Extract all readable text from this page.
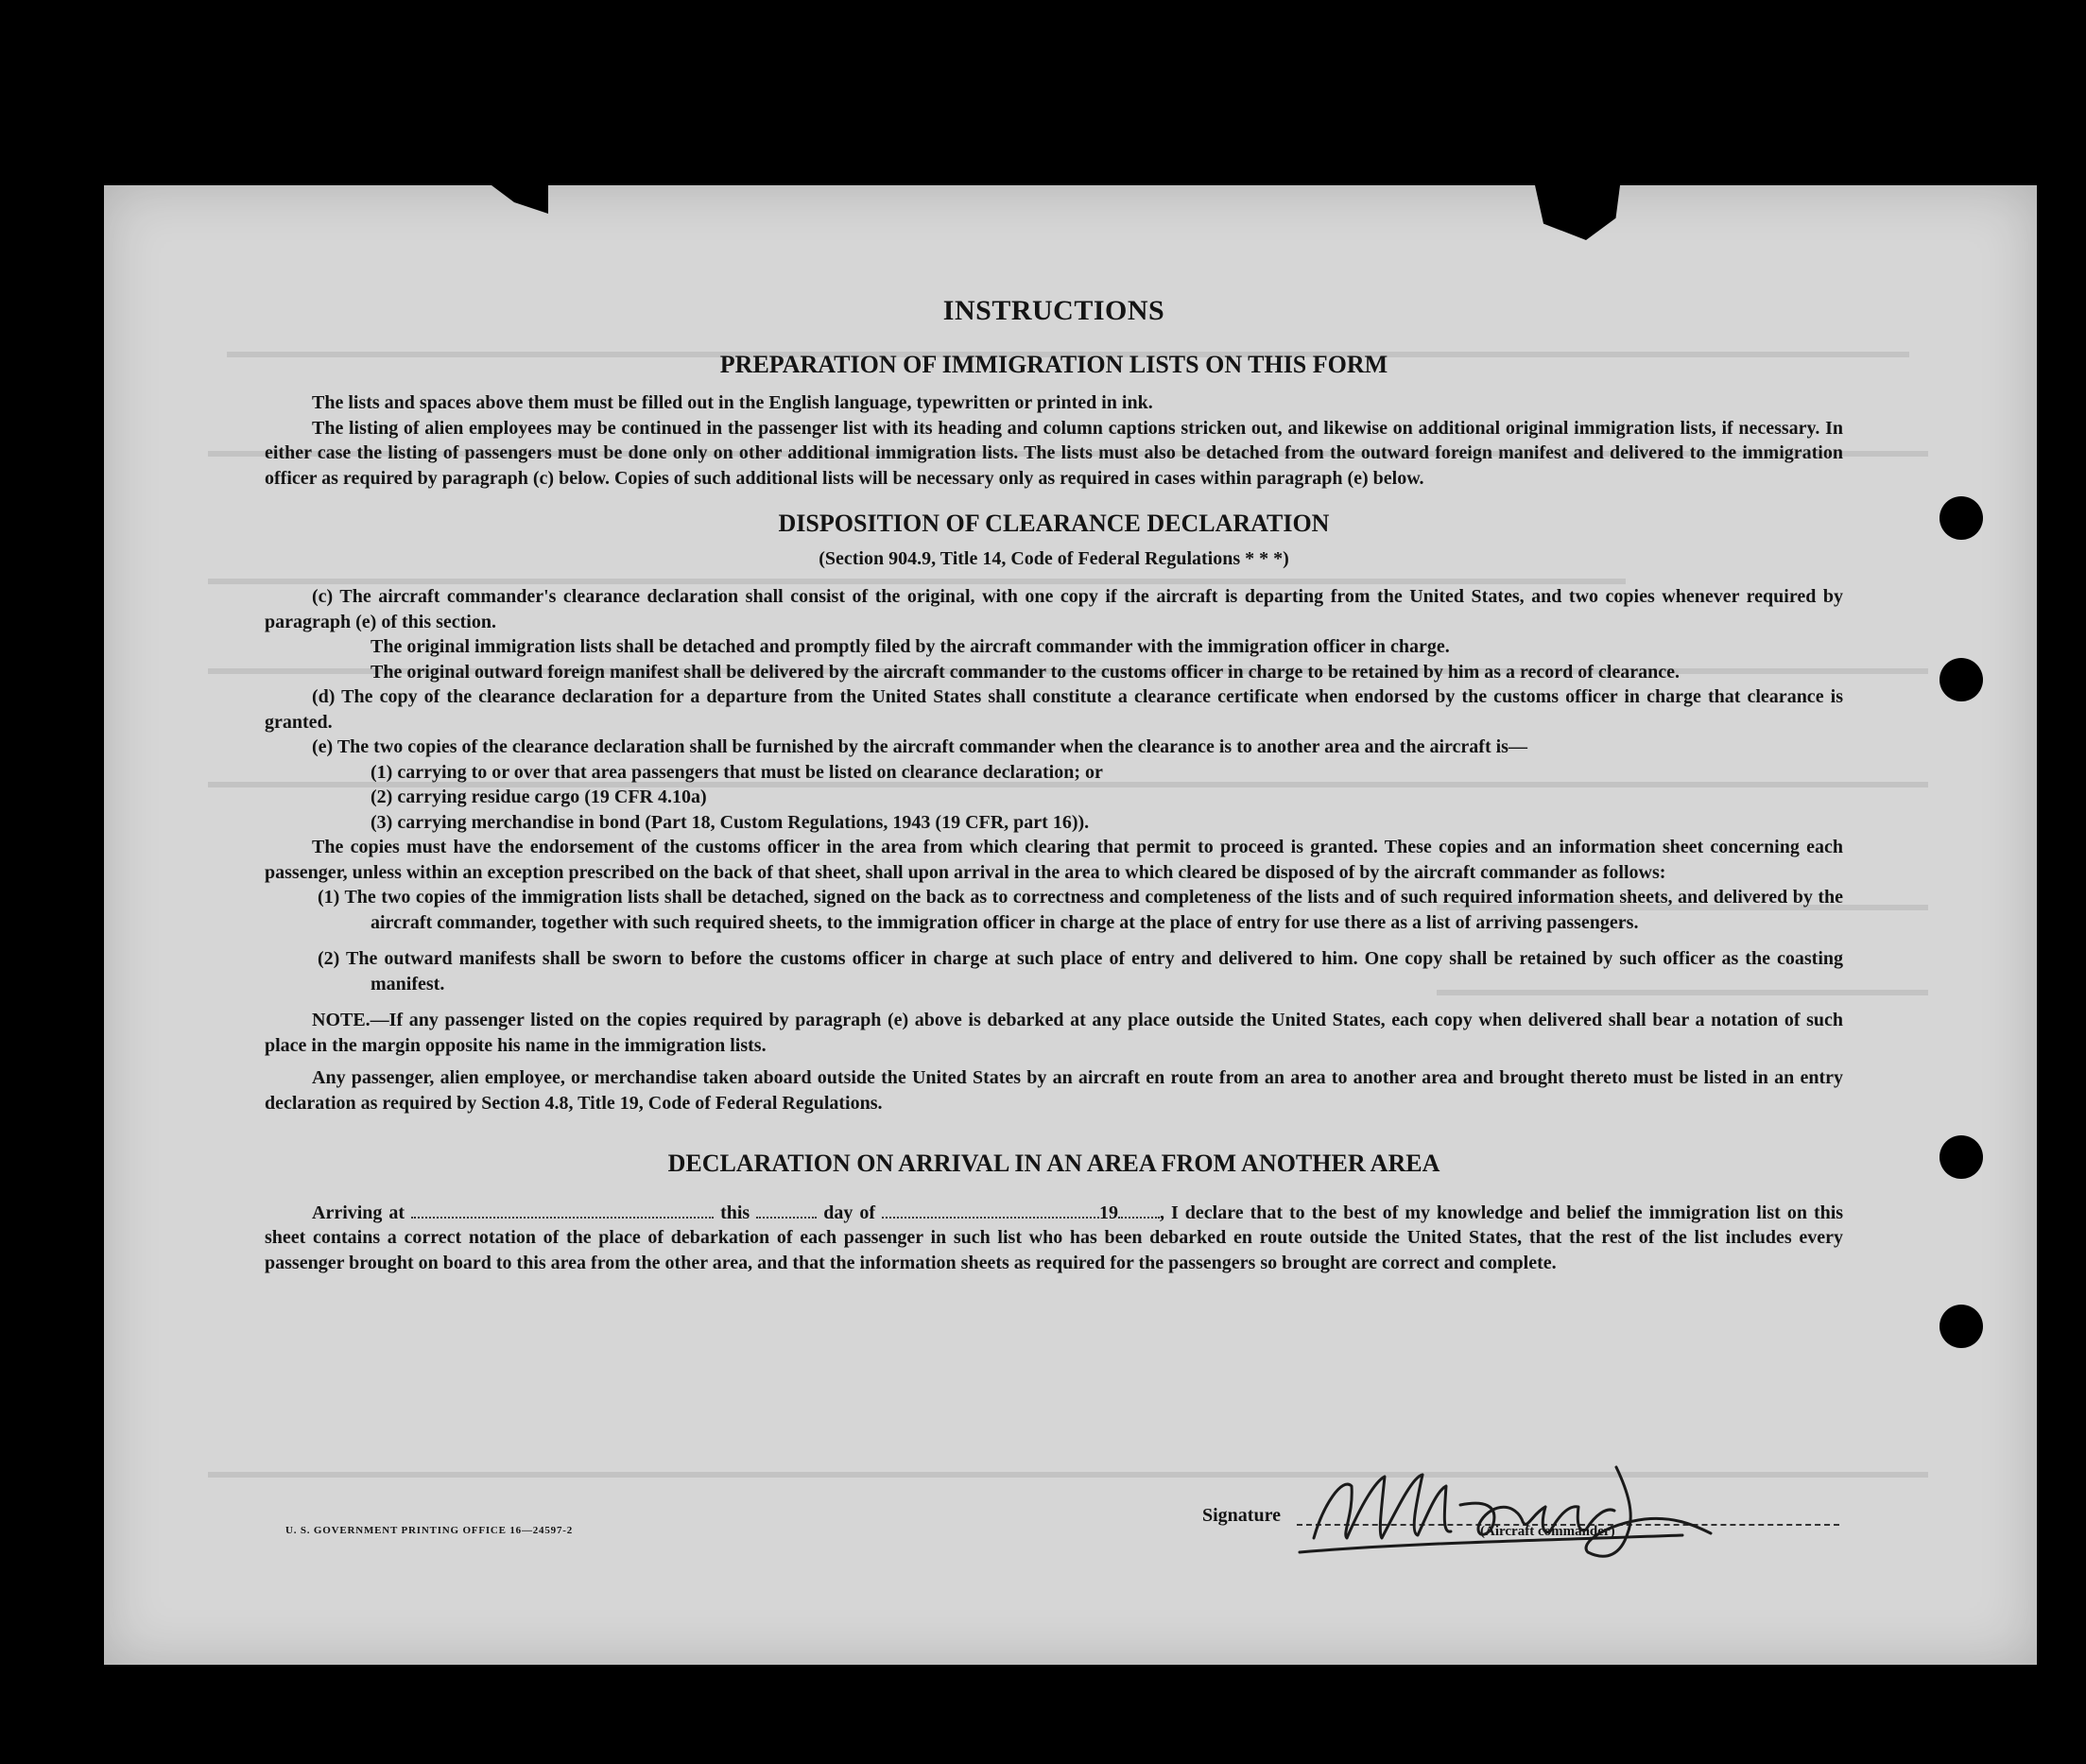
INSTRUCTIONS
PREPARATION OF IMMIGRATION LISTS ON THIS FORM

The lists and spaces above them must be filled out in the English language, typewritten or printed in ink.

The listing of alien employees may be continued in the passenger list with its heading and column captions stricken out, and likewise on additional original immigration lists, if necessary. In either case the listing of passengers must be done only on other additional immigration lists. The lists must also be detached from the outward foreign manifest and delivered to the immigration officer as required by paragraph (c) below. Copies of such additional lists will be necessary only as required in cases within paragraph (e) below.

DISPOSITION OF CLEARANCE DECLARATION
(Section 904.9, Title 14, Code of Federal Regulations * * *)

(c) The aircraft commander's clearance declaration shall consist of the original, with one copy if the aircraft is departing from the United States, and two copies whenever required by paragraph (e) of this section.

The original immigration lists shall be detached and promptly filed by the aircraft commander with the immigration officer in charge.

The original outward foreign manifest shall be delivered by the aircraft commander to the customs officer in charge to be retained by him as a record of clearance.

(d) The copy of the clearance declaration for a departure from the United States shall constitute a clearance certificate when endorsed by the customs officer in charge that clearance is granted.

(e) The two copies of the clearance declaration shall be furnished by the aircraft commander when the clearance is to another area and the aircraft is—

(1) carrying to or over that area passengers that must be listed on clearance declaration; or

(2) carrying residue cargo (19 CFR 4.10a)

(3) carrying merchandise in bond (Part 18, Custom Regulations, 1943 (19 CFR, part 16)).

The copies must have the endorsement of the customs officer in the area from which clearing that permit to proceed is granted. These copies and an information sheet concerning each passenger, unless within an exception prescribed on the back of that sheet, shall upon arrival in the area to which cleared be disposed of by the aircraft commander as follows:

(1) The two copies of the immigration lists shall be detached, signed on the back as to correctness and completeness of the lists and of such required information sheets, and delivered by the aircraft commander, together with such required sheets, to the immigration officer in charge at the place of entry for use there as a list of arriving passengers.

(2) The outward manifests shall be sworn to before the customs officer in charge at such place of entry and delivered to him. One copy shall be retained by such officer as the coasting manifest.

NOTE.—If any passenger listed on the copies required by paragraph (e) above is debarked at any place outside the United States, each copy when delivered shall bear a notation of such place in the margin opposite his name in the immigration lists.

Any passenger, alien employee, or merchandise taken aboard outside the United States by an aircraft en route from an area to another area and brought thereto must be listed in an entry declaration as required by Section 4.8, Title 19, Code of Federal Regulations.

DECLARATION ON ARRIVAL IN AN AREA FROM ANOTHER AREA

Arriving at	this	day of	19 , I declare that to the best of my knowledge and belief the immigration list on this sheet contains a correct notation of the place of debarkation of each passenger in such list who has been debarked en route outside the United States, that the rest of the list includes every passenger brought on board to this area from the other area, and that the information sheets as required for the passengers so brought are correct and complete.

Signature
(Aircraft commander)
U. S. GOVERNMENT PRINTING OFFICE 16—24597-2
